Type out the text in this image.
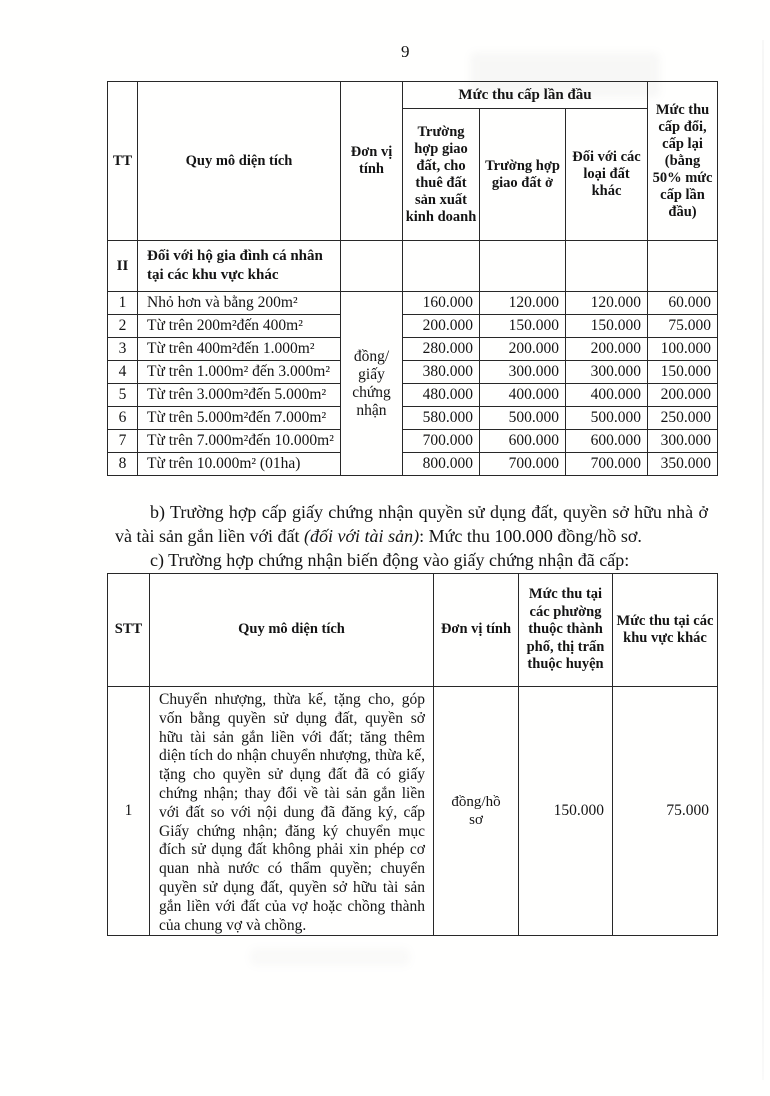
9
TT	Quy mô diện tích	Đơn vị tính	Mức thu cấp lần đầu			Mức thu cấp đổi, cấp lại (bằng 50% mức cấp lần đầu)
			Trường hợp giao đất, cho thuê đất sản xuất kinh doanh	Trường hợp giao đất ở	Đối với các loại đất khác	
II	Đối với hộ gia đình cá nhân tại các khu vực khác					
1	Nhỏ hơn và bằng 200m²	đồng/ giấy chứng nhận	160.000	120.000	120.000	60.000
2	Từ trên 200m²đến 400m²		200.000	150.000	150.000	75.000
3	Từ trên 400m²đến 1.000m²		280.000	200.000	200.000	100.000
4	Từ trên 1.000m² đến 3.000m²		380.000	300.000	300.000	150.000
5	Từ trên 3.000m²đến 5.000m²		480.000	400.000	400.000	200.000
6	Từ trên 5.000m²đến 7.000m²		580.000	500.000	500.000	250.000
7	Từ trên 7.000m²đến 10.000m²		700.000	600.000	600.000	300.000
8	Từ trên 10.000m² (01ha)		800.000	700.000	700.000	350.000

b) Trường hợp cấp giấy chứng nhận quyền sử dụng đất, quyền sở hữu nhà ở và tài sản gắn liền với đất (đối với tài sản): Mức thu 100.000 đồng/hồ sơ.

c) Trường hợp chứng nhận biến động vào giấy chứng nhận đã cấp:

STT	Quy mô diện tích	Đơn vị tính	Mức thu tại các phường thuộc thành phố, thị trấn thuộc huyện	Mức thu tại các khu vực khác
1	Chuyển nhượng, thừa kế, tặng cho, góp vốn bằng quyền sử dụng đất, quyền sở hữu tài sản gắn liền với đất; tăng thêm diện tích do nhận chuyển nhượng, thừa kế, tặng cho quyền sử dụng đất đã có giấy chứng nhận; thay đổi về tài sản gắn liền với đất so với nội dung đã đăng ký, cấp Giấy chứng nhận; đăng ký chuyển mục đích sử dụng đất không phải xin phép cơ quan nhà nước có thẩm quyền; chuyển quyền sử dụng đất, quyền sở hữu tài sản gắn liền với đất của vợ hoặc chồng thành của chung vợ và chồng.	đồng/hồ sơ	150.000	75.000
